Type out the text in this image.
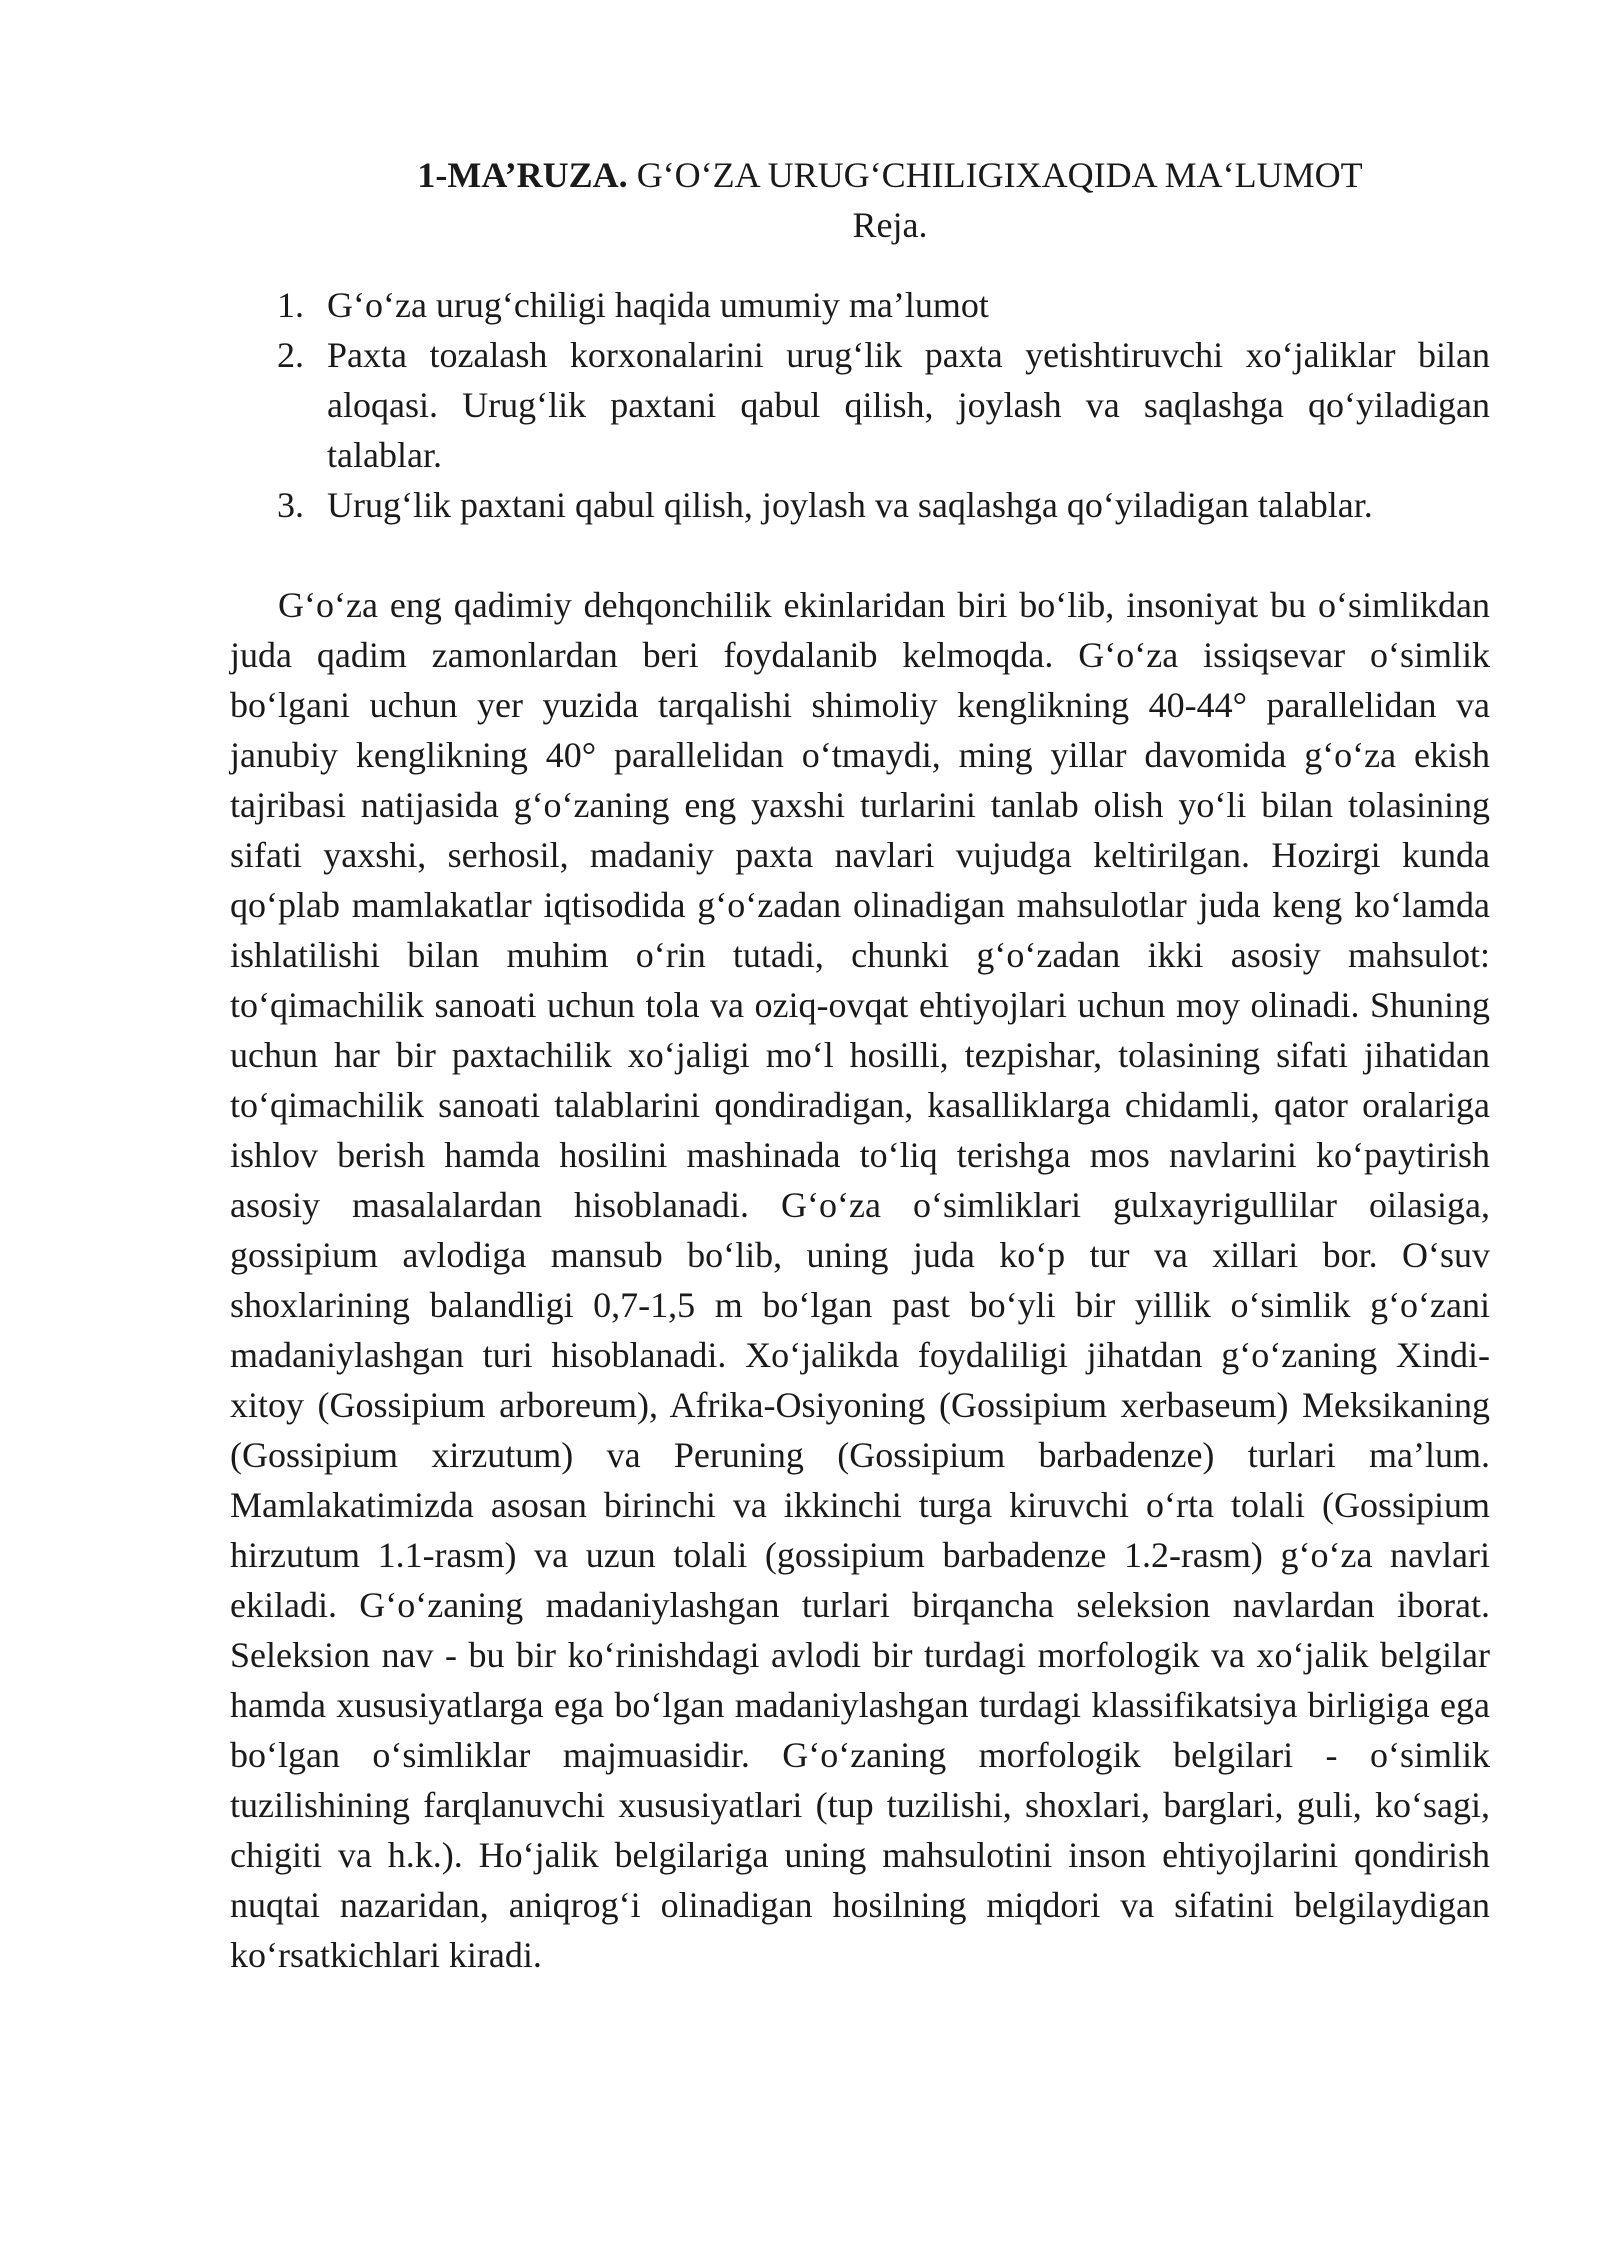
1-MA’RUZA. G‘O‘ZA URUG‘CHILIGIXAQIDA MA‘LUMOT
Reja.
1. G‘o‘za urug‘chiligi haqida umumiy ma’lumot
2. Paxta tozalash korxonalarini urug‘lik paxta yetishtiruvchi xo‘jaliklar bilan aloqasi. Urug‘lik paxtani qabul qilish, joylash va saqlashga qo‘yiladigan talablar.
3. Urug‘lik paxtani qabul qilish, joylash va saqlashga qo‘yiladigan talablar.

G‘o‘za eng qadimiy dehqonchilik ekinlaridan biri bo‘lib, insoniyat bu o‘simlikdan juda qadim zamonlardan beri foydalanib kelmoqda. G‘o‘za issiqsevar o‘simlik bo‘lgani uchun yer yuzida tarqalishi shimoliy kenglikning 40-44° parallelidan va janubiy kenglikning 40° parallelidan o‘tmaydi, ming yillar davomida g‘o‘za ekish tajribasi natijasida g‘o‘zaning eng yaxshi turlarini tanlab olish yo‘li bilan tolasining sifati yaxshi, serhosil, madaniy paxta navlari vujudga keltirilgan. Hozirgi kunda qo‘plab mamlakatlar iqtisodida g‘o‘zadan olinadigan mahsulotlar juda keng ko‘lamda ishlatilishi bilan muhim o‘rin tutadi, chunki g‘o‘zadan ikki asosiy mahsulot: to‘qimachilik sanoati uchun tola va oziq-ovqat ehtiyojlari uchun moy olinadi. Shuning uchun har bir paxtachilik xo‘jaligi mo‘l hosilli, tezpishar, tolasining sifati jihatidan to‘qimachilik sanoati talablarini qondiradigan, kasalliklarga chidamli, qator oralariga ishlov berish hamda hosilini mashinada to‘liq terishga mos navlarini ko‘paytirish asosiy masalalardan hisoblanadi. G‘o‘za o‘simliklari gulxayrigullilar oilasiga, gossipium avlodiga mansub bo‘lib, uning juda ko‘p tur va xillari bor. O‘suv shoxlarining balandligi 0,7-1,5 m bo‘lgan past bo‘yli bir yillik o‘simlik g‘o‘zani madaniylashgan turi hisoblanadi. Xo‘jalikda foydaliligi jihatdan g‘o‘zaning Xindi-xitoy (Gossipium arboreum), Afrika-Osiyoning (Gossipium xerbaseum) Meksikaning (Gossipium xirzutum) va Peruning (Gossipium barbadenze) turlari ma’lum. Mamlakatimizda asosan birinchi va ikkinchi turga kiruvchi o‘rta tolali (Gossipium hirzutum 1.1-rasm) va uzun tolali (gossipium barbadenze 1.2-rasm) g‘o‘za navlari ekiladi. G‘o‘zaning madaniylashgan turlari birqancha seleksion navlardan iborat. Seleksion nav - bu bir ko‘rinishdagi avlodi bir turdagi morfologik va xo‘jalik belgilar hamda xususiyatlarga ega bo‘lgan madaniylashgan turdagi klassifikatsiya birligiga ega bo‘lgan o‘simliklar majmuasidir. G‘o‘zaning morfologik belgilari - o‘simlik tuzilishining farqlanuvchi xususiyatlari (tup tuzilishi, shoxlari, barglari, guli, ko‘sagi, chigiti va h.k.). Ho‘jalik belgilariga uning mahsulotini inson ehtiyojlarini qondirish nuqtai nazaridan, aniqrog‘i olinadigan hosilning miqdori va sifatini belgilaydigan ko‘rsatkichlari kiradi.
